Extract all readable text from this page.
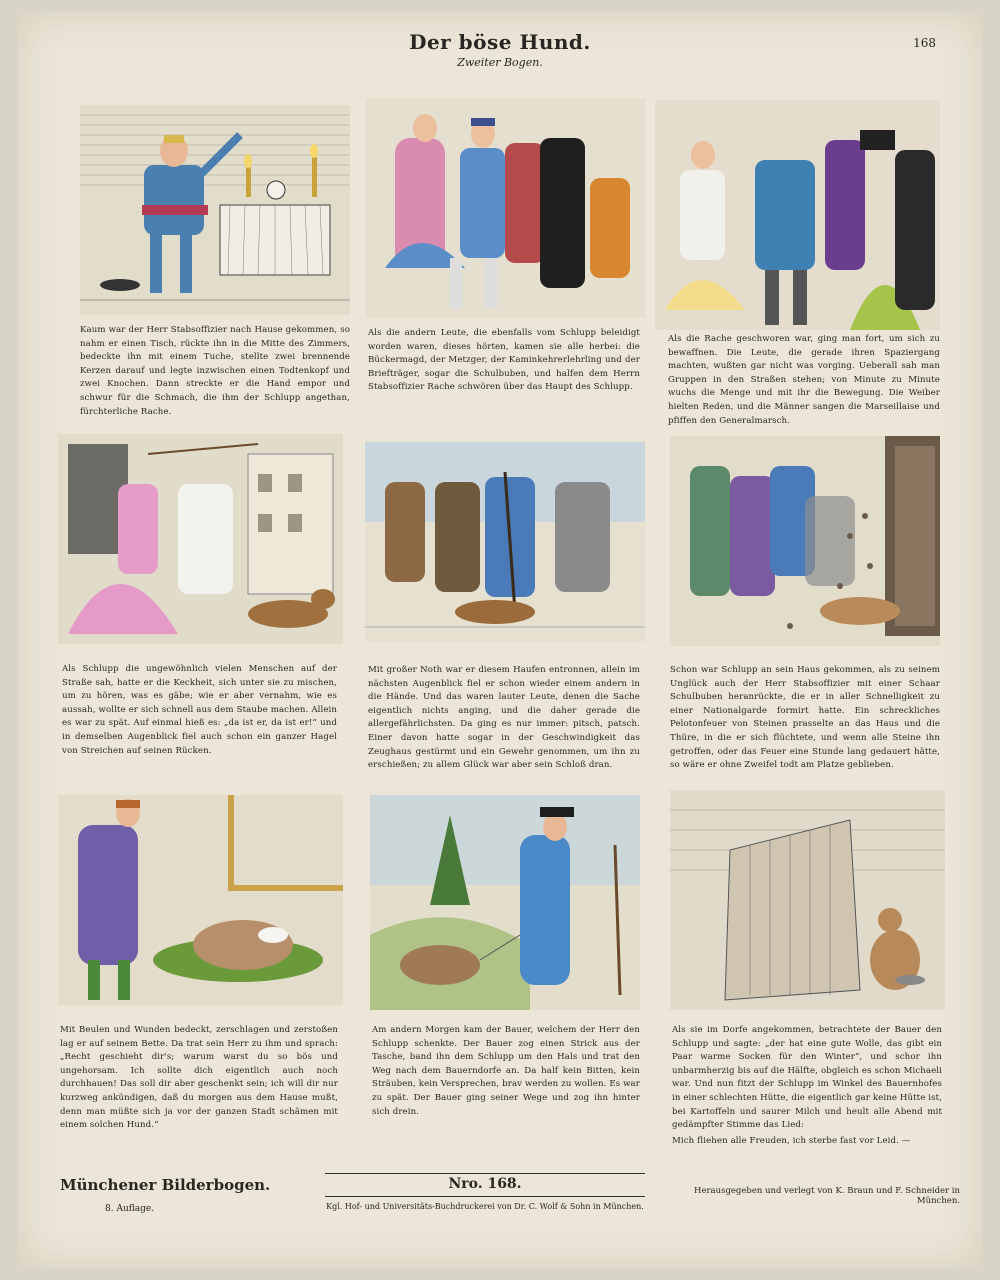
Der böse Hund.
Zweiter Bogen.
168
Kaum war der Herr Stabsoffizier nach Hause gekommen, so nahm er einen Tisch, rückte ihn in die Mitte des Zimmers, bedeckte ihn mit einem Tuche, stellte zwei brennende Kerzen darauf und legte inzwischen einen Todtenkopf und zwei Knochen. Dann streckte er die Hand empor und schwur für die Schmach, die ihm der Schlupp angethan, fürchterliche Rache.
Als die andern Leute, die ebenfalls vom Schlupp beleidigt worden waren, dieses hörten, kamen sie alle herbei: die Bückermagd, der Metzger, der Kaminkehrerlehrling und der Briefträger, sogar die Schulbuben, und halfen dem Herrn Stabsoffizier Rache schwören über das Haupt des Schlupp.
Als die Rache geschworen war, ging man fort, um sich zu bewaffnen. Die Leute, die gerade ihren Spaziergang machten, wußten gar nicht was vorging. Ueberall sah man Gruppen in den Straßen stehen; von Minute zu Minute wuchs die Menge und mit ihr die Bewegung. Die Weiber hielten Reden, und die Männer sangen die Marseillaise und pfiffen den Generalmarsch.
Als Schlupp die ungewöhnlich vielen Menschen auf der Straße sah, hatte er die Keckheit, sich unter sie zu mischen, um zu hören, was es gäbe; wie er aber vernahm, wie es aussah, wollte er sich schnell aus dem Staube machen. Allein es war zu spät. Auf einmal hieß es: „da ist er, da ist er!“ und in demselben Augenblick fiel auch schon ein ganzer Hagel von Streichen auf seinen Rücken.
Mit großer Noth war er diesem Haufen entronnen, allein im nächsten Augenblick fiel er schon wieder einem andern in die Hände. Und das waren lauter Leute, denen die Sache eigentlich nichts anging, und die daher gerade die allergefährlichsten. Da ging es nur immer: pitsch, patsch. Einer davon hatte sogar in der Geschwindigkeit das Zeughaus gestürmt und ein Gewehr genommen, um ihn zu erschießen; zu allem Glück war aber sein Schloß dran.
Schon war Schlupp an sein Haus gekommen, als zu seinem Unglück auch der Herr Stabsoffizier mit einer Schaar Schulbuben heranrückte, die er in aller Schnelligkeit zu einer Nationalgarde formirt hatte. Ein schreckliches Pelotonfeuer von Steinen prasselte an das Haus und die Thüre, in die er sich flüchtete, und wenn alle Steine ihn getroffen, oder das Feuer eine Stunde lang gedauert hätte, so wäre er ohne Zweifel todt am Platze geblieben.
Mit Beulen und Wunden bedeckt, zerschlagen und zerstoßen lag er auf seinem Bette. Da trat sein Herr zu ihm und sprach: „Recht geschieht dir's; warum warst du so bös und ungehorsam. Ich sollte dich eigentlich auch noch durchhauen! Das soll dir aber geschenkt sein; ich will dir nur kurzweg ankündigen, daß du morgen aus dem Hause mußt, denn man müßte sich ja vor der ganzen Stadt schämen mit einem solchen Hund.“
Am andern Morgen kam der Bauer, welchem der Herr den Schlupp schenkte. Der Bauer zog einen Strick aus der Tasche, band ihn dem Schlupp um den Hals und trat den Weg nach dem Bauerndorfe an. Da half kein Bitten, kein Sträuben, kein Versprechen, brav werden zu wollen. Es war zu spät. Der Bauer ging seiner Wege und zog ihn hinter sich drein.
Als sie im Dorfe angekommen, betrachtete der Bauer den Schlupp und sagte: „der hat eine gute Wolle, das gibt ein Paar warme Socken für den Winter“, und schor ihn unbarmherzig bis auf die Hälfte, obgleich es schon Michaeli war. Und nun fitzt der Schlupp im Winkel des Bauernhofes in einer schlechten Hütte, die eigentlich gar keine Hütte ist, bei Kartoffeln und saurer Milch und heult alle Abend mit gedämpfter Stimme das Lied:
Mich fliehen alle Freuden, ich sterbe fast vor Leid. —
Münchener Bilderbogen.
8. Auflage.
Nro. 168.
Kgl. Hof- und Universitäts-Buchdruckerei von Dr. C. Wolf & Sohn in München.
Herausgegeben und verlegt von K. Braun und F. Schneider in München.
